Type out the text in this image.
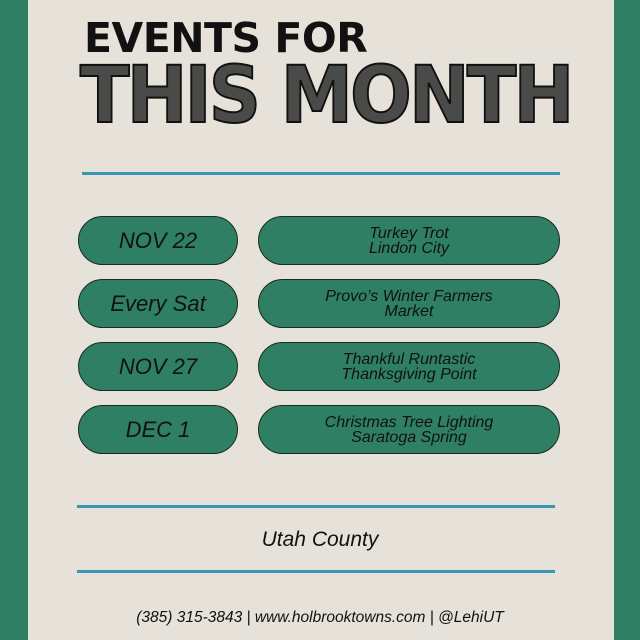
EVENTS FOR
THIS MONTH
NOV 22	Turkey Trot
Lindon City
Every Sat	Provo’s Winter Farmers
Market
NOV 27	Thankful Runtastic
Thanksgiving Point
DEC 1	Christmas Tree Lighting
Saratoga Spring
Utah County
(385) 315-3843 | www.holbrooktowns.com | @LehiUT
